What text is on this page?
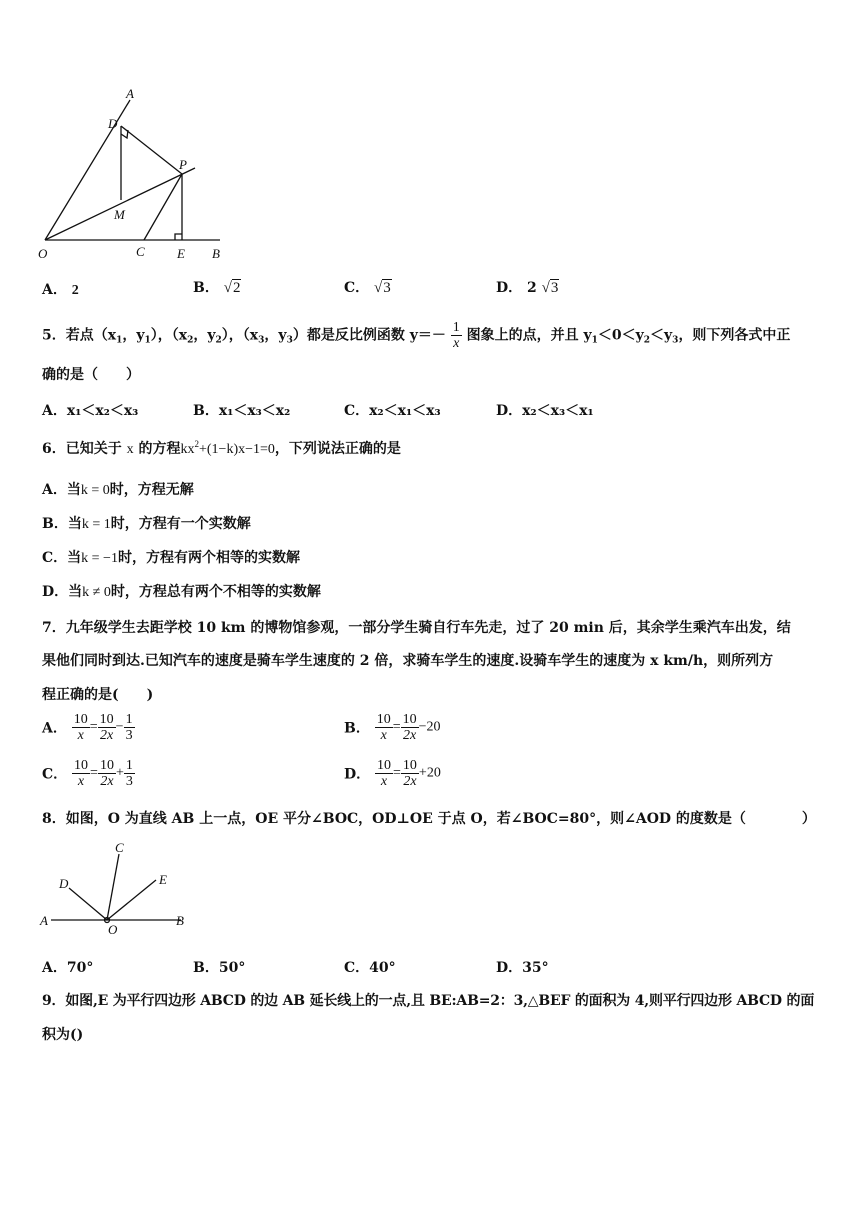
A
D
P
M
O	C E B
A． 2	B． √2	C． √3	D． 2 √3
5．若点（$x_1$，$y_1$），（$x_2$，$y_2$），（$x_3$，$y_3$）都是反比例函数 $y=- \frac{1}{x}$ 图象上的点，并且 $y_1<0<y_2<y_3$，则下列各式中正
确的是（　　）
A．x₁＜x₂＜x₃	B．x₁＜x₃＜x₂	C．x₂＜x₁＜x₃	D．x₂＜x₃＜x₁
6．已知关于 x 的方程$kx^2+(1-k)x-1=0$，下列说法正确的是
A．当k = 0时，方程无解
B．当k = 1时，方程有一个实数解
C．当k = −1时，方程有两个相等的实数解
D．当k ≠ 0时，方程总有两个不相等的实数解
7．九年级学生去距学校 10 km 的博物馆参观，一部分学生骑自行车先走，过了 20 min 后，其余学生乘汽车出发，结
果他们同时到达.已知汽车的速度是骑车学生速度的 2 倍，求骑车学生的速度.设骑车学生的速度为 x km/h，则所列方
程正确的是(　　)
A． $\frac{10}{x} = \frac{10}{2x} - \frac{1}{3}$	B． $\frac{10}{x} = \frac{10}{2x} -20$
C． $\frac{10}{x} = \frac{10}{2x} + \frac{1}{3}$	D． $\frac{10}{x} = \frac{10}{2x} +20$
8．如图，O 为直线 AB 上一点，OE 平分∠BOC，OD⊥OE 于点 O，若∠BOC=80°，则∠AOD 的度数是（　　　　）
C
D	E
A
O
B
A．70°	B．50°	C．40°	D．35°
9．如图,E 为平行四边形 ABCD 的边 AB 延长线上的一点,且 BE:AB=2：3,△BEF 的面积为 4,则平行四边形 ABCD 的面
积为()
